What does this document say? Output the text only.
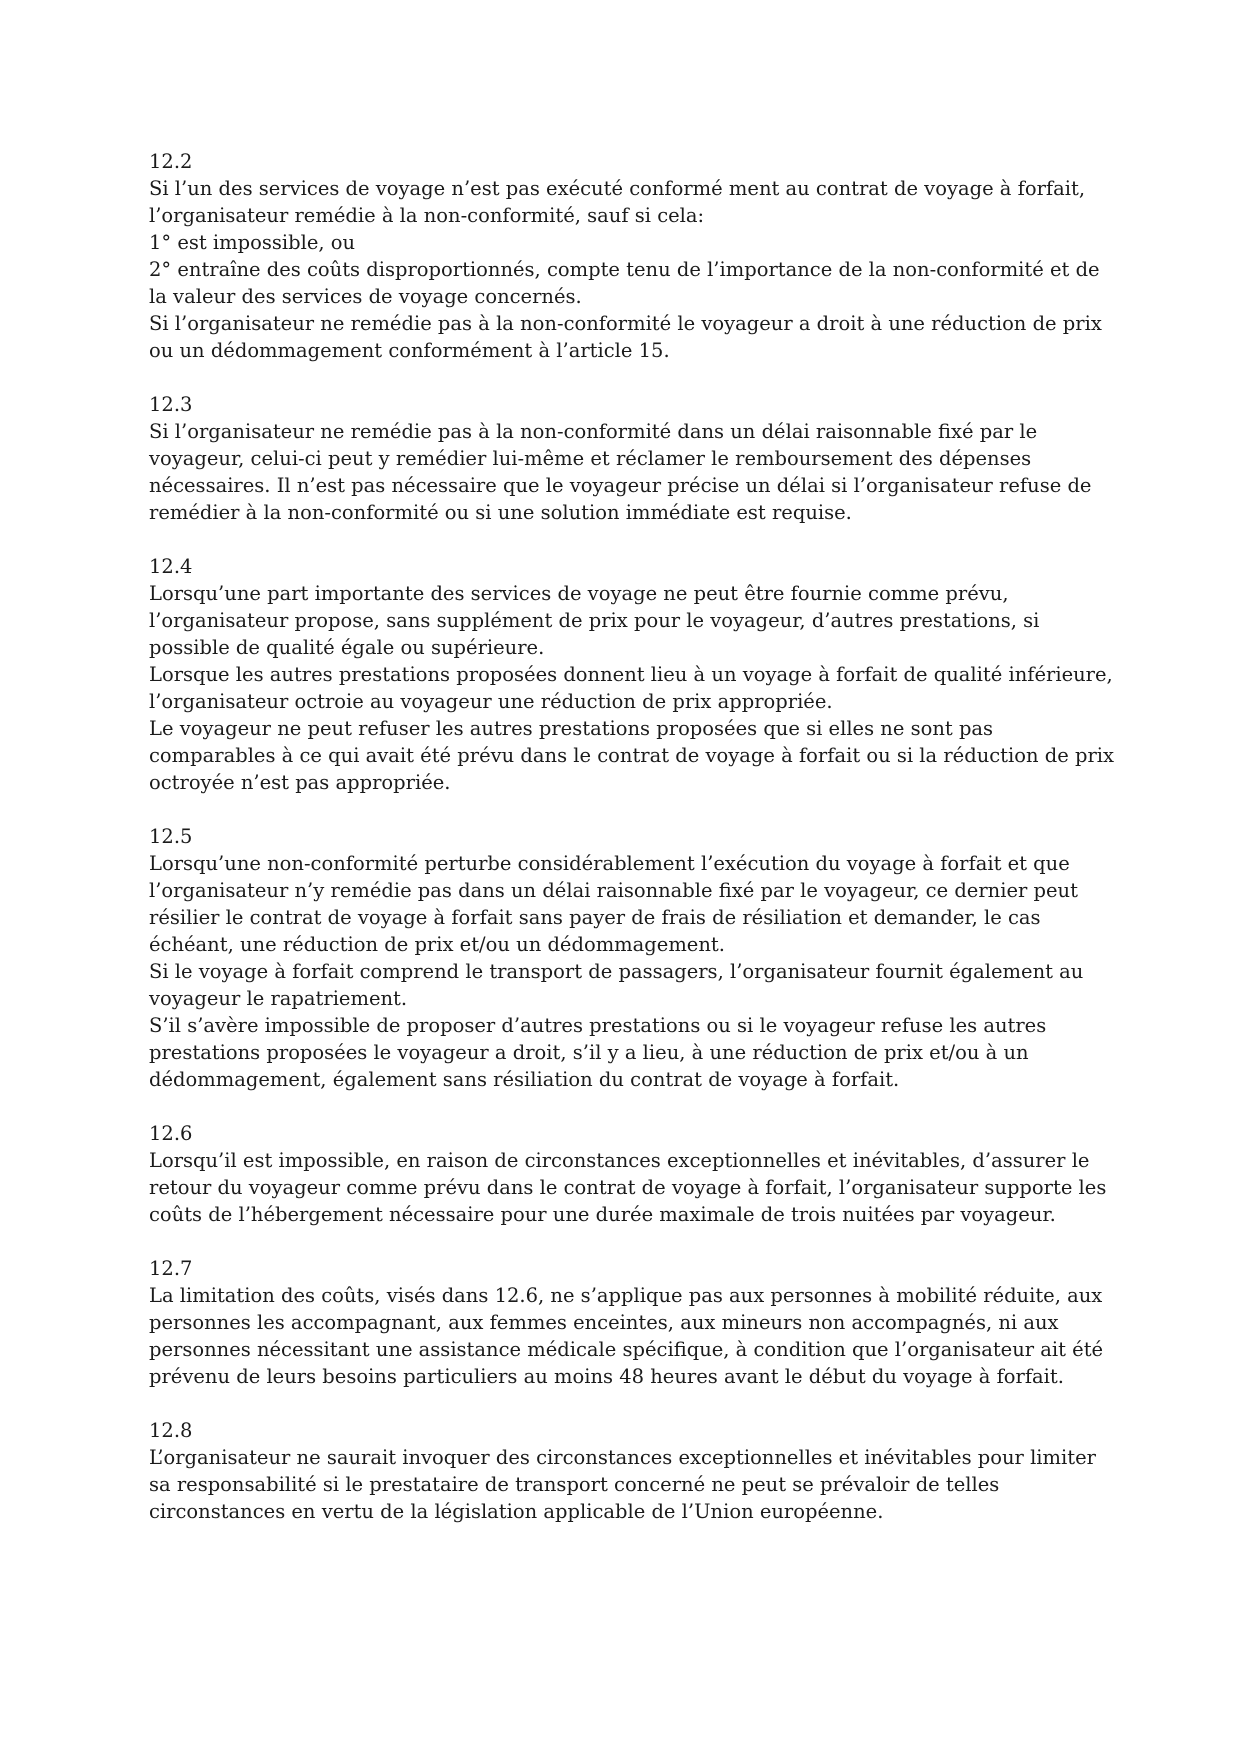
12.2
Si l’un des services de voyage n’est pas exécuté conformé ment au contrat de voyage à forfait,
l’organisateur remédie à la non-conformité, sauf si cela:
1° est impossible, ou
2° entraîne des coûts disproportionnés, compte tenu de l’importance de la non-conformité et de
la valeur des services de voyage concernés.
Si l’organisateur ne remédie pas à la non-conformité le voyageur a droit à une réduction de prix
ou un dédommagement conformément à l’article 15.
12.3
Si l’organisateur ne remédie pas à la non-conformité dans un délai raisonnable fixé par le
voyageur, celui-ci peut y remédier lui-même et réclamer le remboursement des dépenses
nécessaires. Il n’est pas nécessaire que le voyageur précise un délai si l’organisateur refuse de
remédier à la non-conformité ou si une solution immédiate est requise.
12.4
Lorsqu’une part importante des services de voyage ne peut être fournie comme prévu,
l’organisateur propose, sans supplément de prix pour le voyageur, d’autres prestations, si
possible de qualité égale ou supérieure.
Lorsque les autres prestations proposées donnent lieu à un voyage à forfait de qualité inférieure,
l’organisateur octroie au voyageur une réduction de prix appropriée.
Le voyageur ne peut refuser les autres prestations proposées que si elles ne sont pas
comparables à ce qui avait été prévu dans le contrat de voyage à forfait ou si la réduction de prix
octroyée n’est pas appropriée.
12.5
Lorsqu’une non-conformité perturbe considérablement l’exécution du voyage à forfait et que
l’organisateur n’y remédie pas dans un délai raisonnable fixé par le voyageur, ce dernier peut
résilier le contrat de voyage à forfait sans payer de frais de résiliation et demander, le cas
échéant, une réduction de prix et/ou un dédommagement.
Si le voyage à forfait comprend le transport de passagers, l’organisateur fournit également au
voyageur le rapatriement.
S’il s’avère impossible de proposer d’autres prestations ou si le voyageur refuse les autres
prestations proposées le voyageur a droit, s’il y a lieu, à une réduction de prix et/ou à un
dédommagement, également sans résiliation du contrat de voyage à forfait.
12.6
Lorsqu’il est impossible, en raison de circonstances exceptionnelles et inévitables, d’assurer le
retour du voyageur comme prévu dans le contrat de voyage à forfait, l’organisateur supporte les
coûts de l’hébergement nécessaire pour une durée maximale de trois nuitées par voyageur.
12.7
La limitation des coûts, visés dans 12.6, ne s’applique pas aux personnes à mobilité réduite, aux
personnes les accompagnant, aux femmes enceintes, aux mineurs non accompagnés, ni aux
personnes nécessitant une assistance médicale spécifique, à condition que l’organisateur ait été
prévenu de leurs besoins particuliers au moins 48 heures avant le début du voyage à forfait.
12.8
L’organisateur ne saurait invoquer des circonstances exceptionnelles et inévitables pour limiter
sa responsabilité si le prestataire de transport concerné ne peut se prévaloir de telles
circonstances en vertu de la législation applicable de l’Union européenne.
